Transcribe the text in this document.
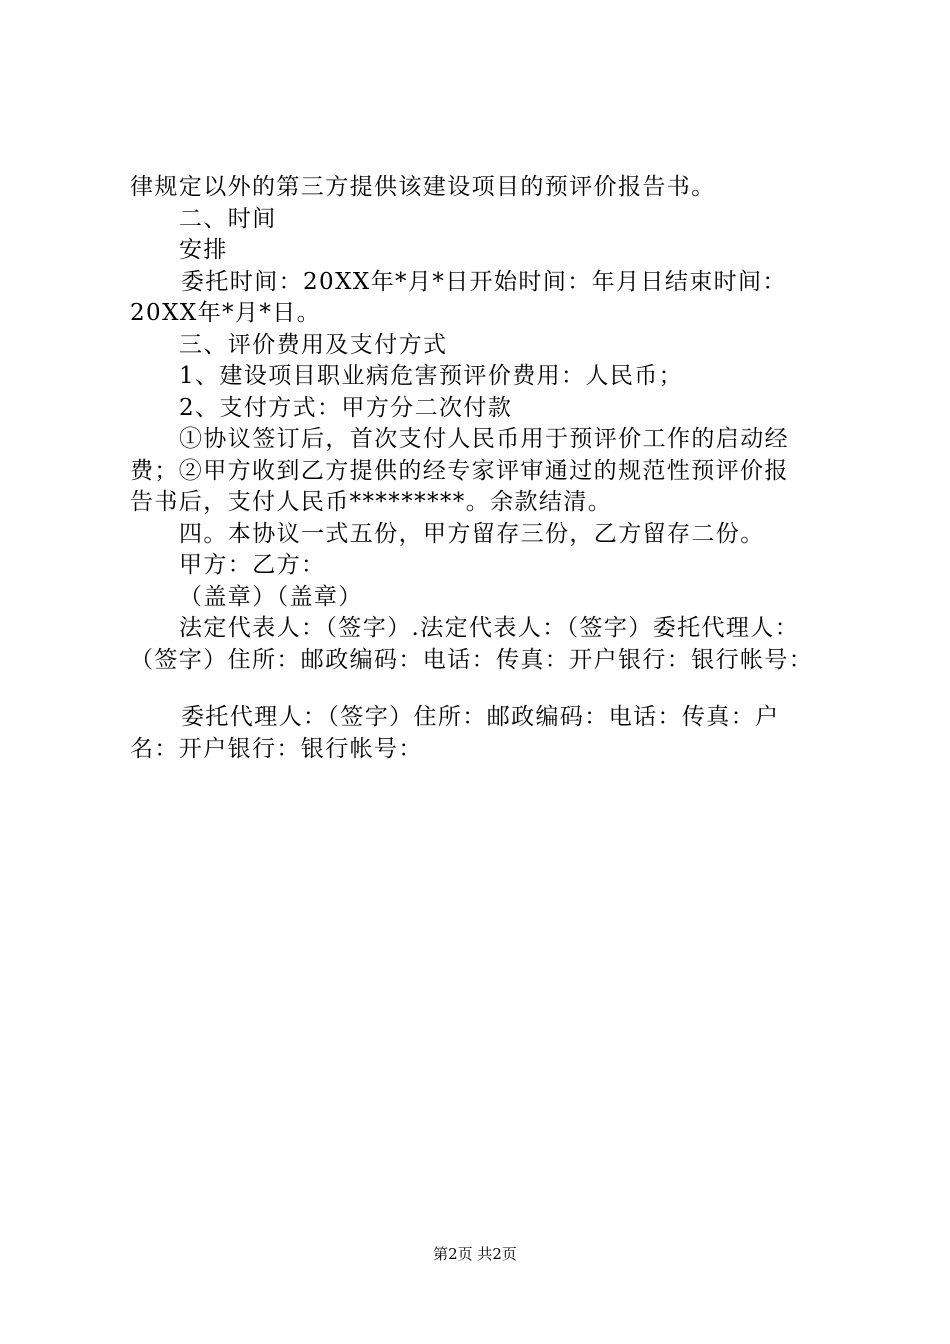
律规定以外的第三方提供该建设项目的预评价报告书。
二、时间
安排
委托时间：20XX年*月*日开始时间：年月日结束时间：
20XX年*月*日。
三、评价费用及支付方式
1、建设项目职业病危害预评价费用：人民币；
2、支付方式：甲方分二次付款
①协议签订后，首次支付人民币用于预评价工作的启动经
费；②甲方收到乙方提供的经专家评审通过的规范性预评价报
告书后，支付人民币*********。余款结清。
四。本协议一式五份，甲方留存三份，乙方留存二份。
甲方：乙方：
（盖章）（盖章）
法定代表人：（签字）.法定代表人：（签字）委托代理人：
（签字）住所：邮政编码：电话：传真：开户银行：银行帐号：
委托代理人：（签字）住所：邮政编码：电话：传真：户
名：开户银行：银行帐号：
第2页 共2页
